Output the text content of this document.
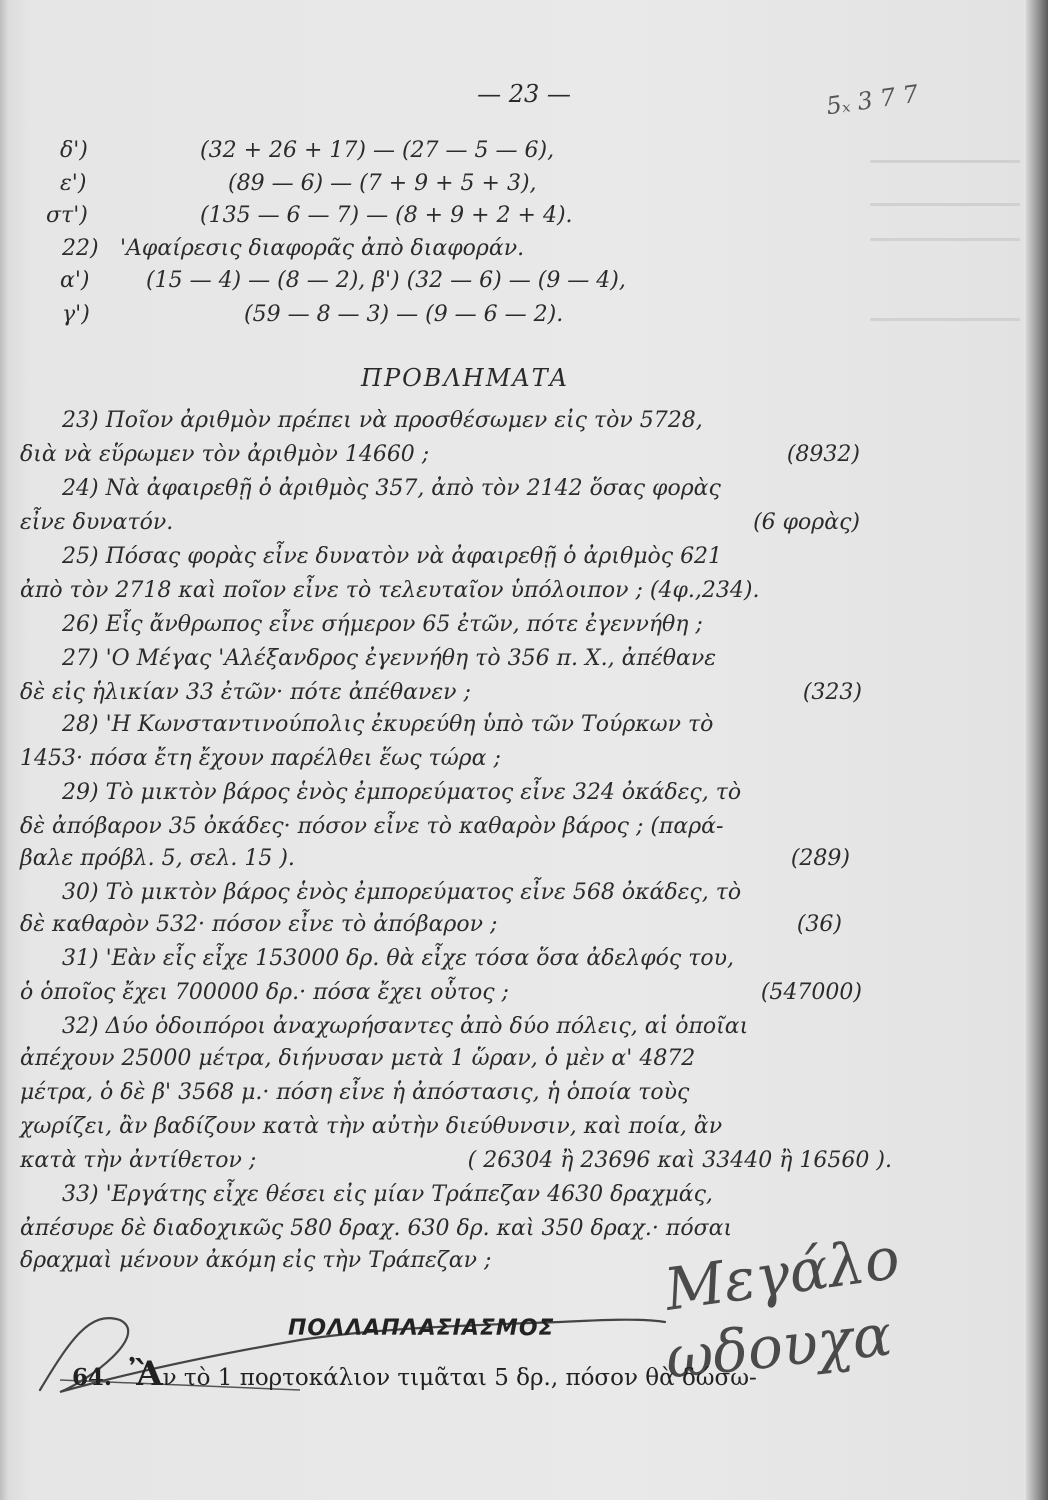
— 23 —	5ₓ 3 7 7
δ')	(32 + 26 + 17) — (27 — 5 — 6),
ε')	(89 — 6) — (7 + 9 + 5 + 3),
στ')	(135 — 6 — 7) — (8 + 9 + 2 + 4).
22) 'Αφαίρεσις διαφορᾶς ἀπὸ διαφοράν.
α')	(15 — 4) — (8 — 2), β') (32 — 6) — (9 — 4),
γ')	(59 — 8 — 3) — (9 — 6 — 2).
ΠΡΟΒΛΗΜΑΤΑ
23) Ποῖον ἀριθμὸν πρέπει νὰ προσθέσωμεν εἰς τὸν 5728,
διὰ νὰ εὕρωμεν τὸν ἀριθμὸν 14660 ;	(8932)
24) Νὰ ἀφαιρεθῇ ὁ ἀριθμὸς 357, ἀπὸ τὸν 2142 ὅσας φορὰς
εἶνε δυνατόν.	(6 φορὰς)
25) Πόσας φορὰς εἶνε δυνατὸν νὰ ἀφαιρεθῇ ὁ ἀριθμὸς 621
ἀπὸ τὸν 2718 καὶ ποῖον εἶνε τὸ τελευταῖον ὑπόλοιπον ; (4φ.,234).
26) Εἷς ἄνθρωπος εἶνε σήμερον 65 ἐτῶν, πότε ἐγεννήθη ;
27) 'Ο Μέγας 'Αλέξανδρος ἐγεννήθη τὸ 356 π. Χ., ἀπέθανε
δὲ εἰς ἡλικίαν 33 ἐτῶν· πότε ἀπέθανεν ;	(323)
28) 'Η Κωνσταντινούπολις ἐκυρεύθη ὑπὸ τῶν Τούρκων τὸ
1453· πόσα ἔτη ἔχουν παρέλθει ἕως τώρα ;
29) Τὸ μικτὸν βάρος ἑνὸς ἐμπορεύματος εἶνε 324 ὀκάδες, τὸ
δὲ ἀπόβαρον 35 ὀκάδες· πόσον εἶνε τὸ καθαρὸν βάρος ; (παρά-
βαλε πρόβλ. 5, σελ. 15 ).	(289)
30) Τὸ μικτὸν βάρος ἑνὸς ἐμπορεύματος εἶνε 568 ὀκάδες, τὸ
δὲ καθαρὸν 532· πόσον εἶνε τὸ ἀπόβαρον ;	(36)
31) 'Εὰν εἶς εἶχε 153000 δρ. θὰ εἶχε τόσα ὅσα ἀδελφός του,
ὁ ὁποῖος ἔχει 700000 δρ.· πόσα ἔχει οὗτος ;	(547000)
32) Δύο ὁδοιπόροι ἀναχωρήσαντες ἀπὸ δύο πόλεις, αἱ ὁποῖαι
ἀπέχουν 25000 μέτρα, διήνυσαν μετὰ 1 ὥραν, ὁ μὲν α' 4872
μέτρα, ὁ δὲ β' 3568 μ.· πόση εἶνε ἡ ἀπόστασις, ἡ ὁποία τοὺς
χωρίζει, ἂν βαδίζουν κατὰ τὴν αὐτὴν διεύθυνσιν, καὶ ποία, ἂν
κατὰ τὴν ἀντίθετον ;	( 26304 ἢ 23696 καὶ 33440 ἢ 16560 ).
33) 'Εργάτης εἶχε θέσει εἰς μίαν Τράπεζαν 4630 δραχμάς,
ἀπέσυρε δὲ διαδοχικῶς 580 δραχ. 630 δρ. καὶ 350 δραχ.· πόσαι
δραχμαὶ μένουν ἀκόμη εἰς τὴν Τράπεζαν ;	Μεγάλο
ωδουχα
ΠΟΛΛΑΠΛΑΣΙΑΣΜΟΣ
64. Ἂν τὸ 1 πορτοκάλιον τιμᾶται 5 δρ., πόσον θὰ δώσω-
